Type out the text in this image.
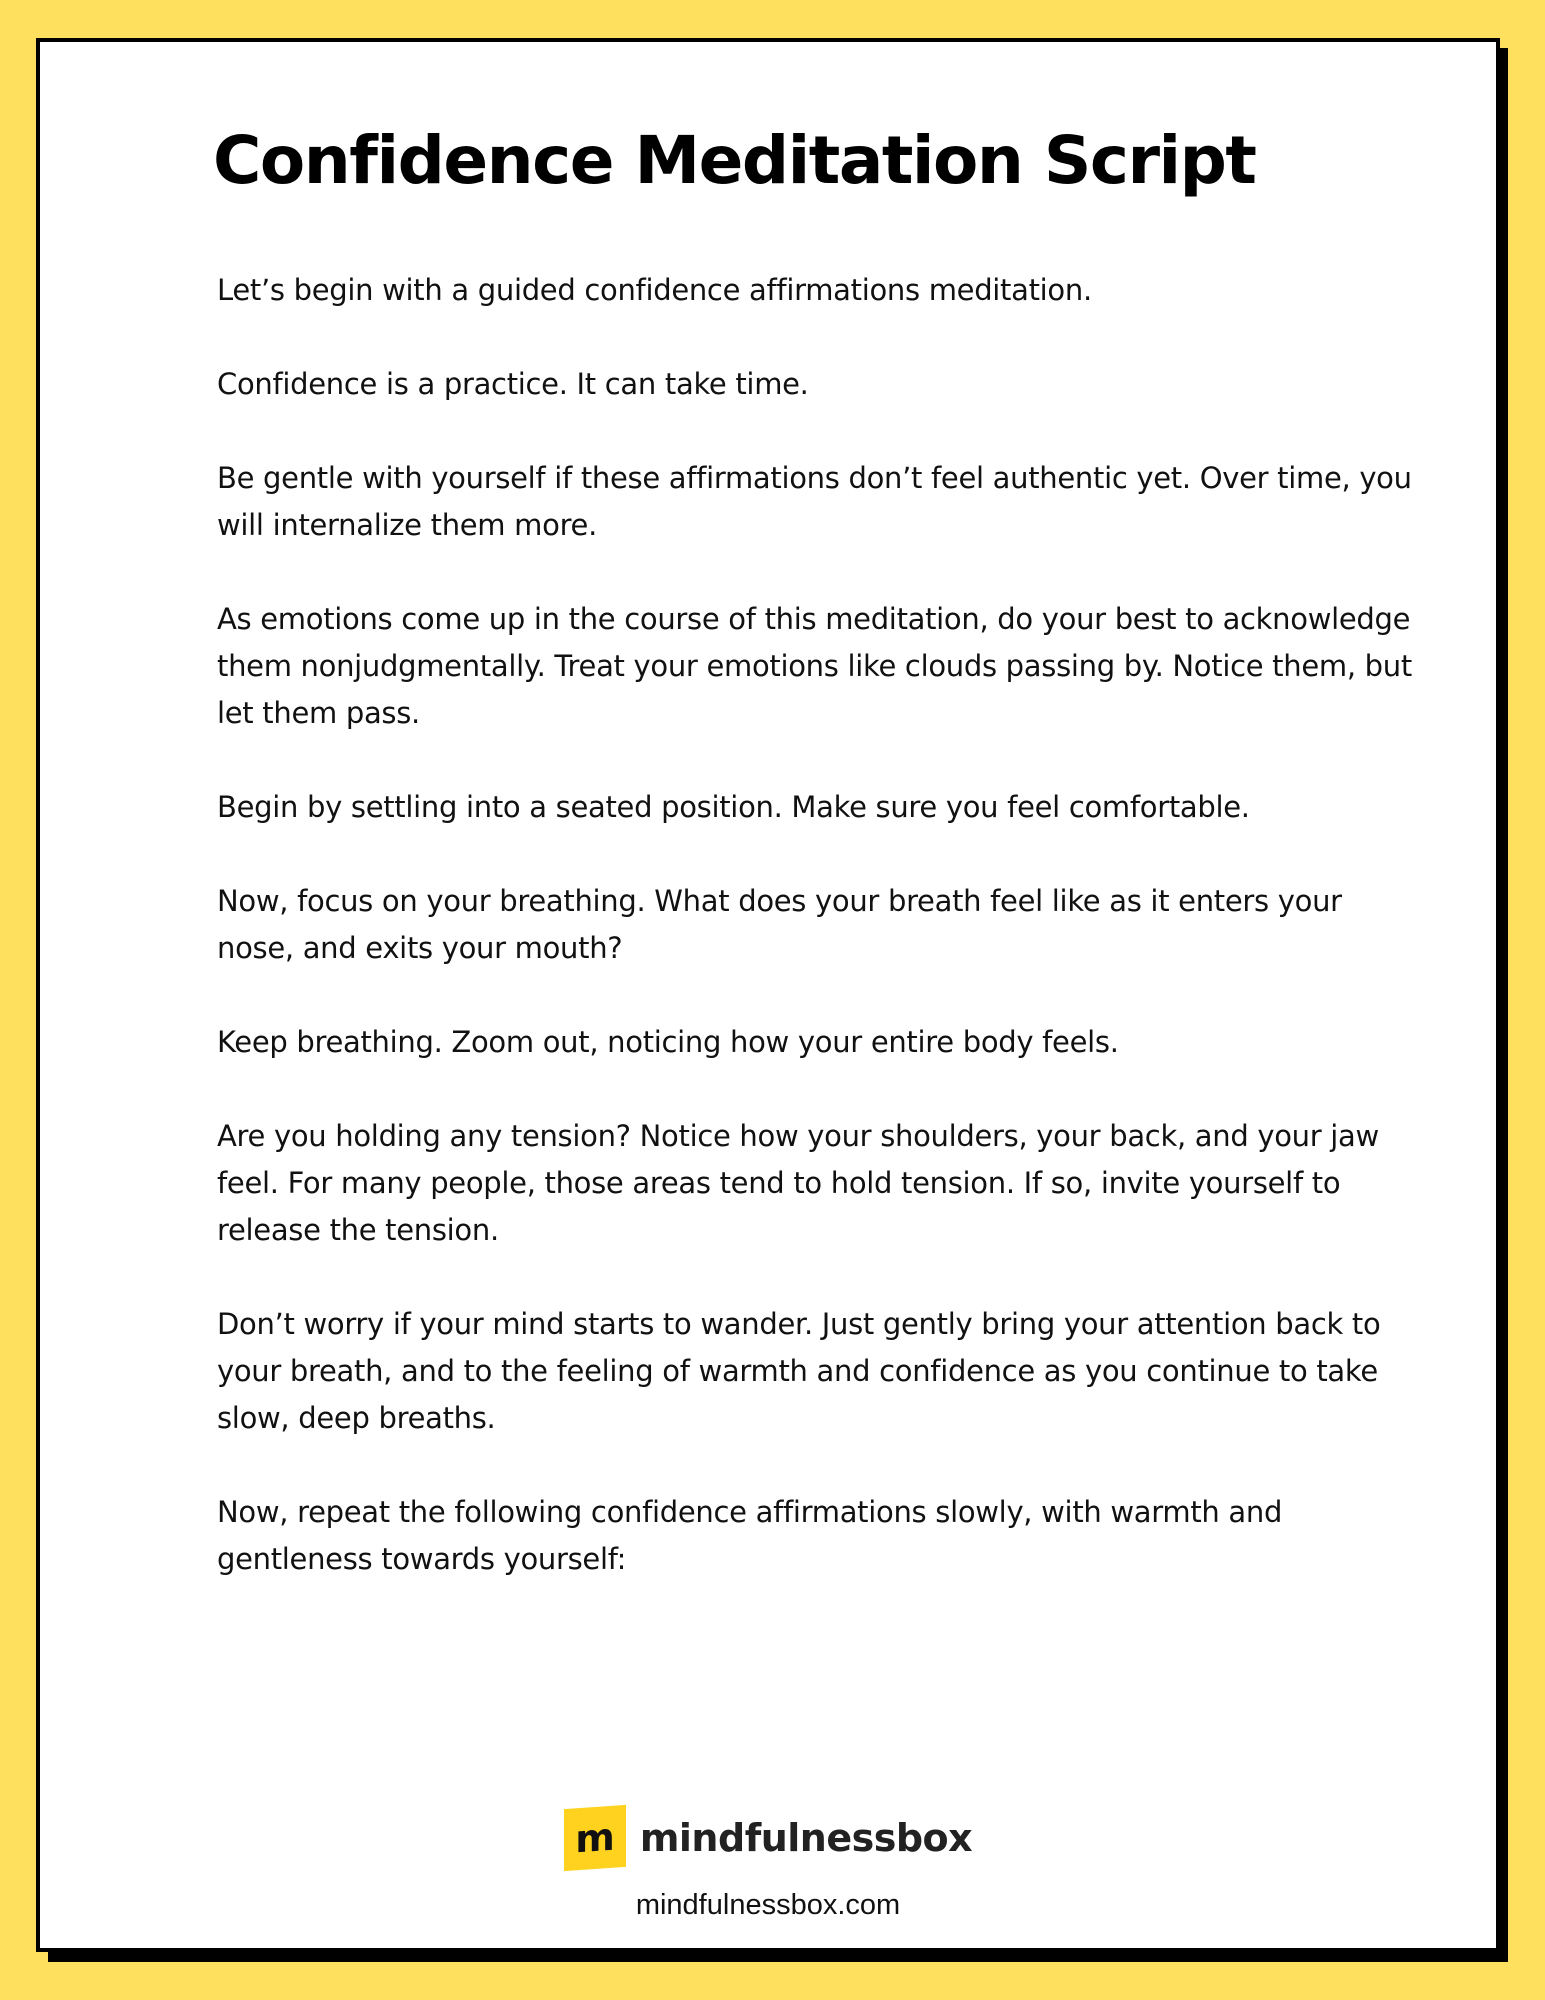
Confidence Meditation Script

Let’s begin with a guided confidence affirmations meditation.

Confidence is a practice. It can take time.

Be gentle with yourself if these affirmations don’t feel authentic yet. Over time, you will internalize them more.

As emotions come up in the course of this meditation, do your best to acknowledge them nonjudgmentally. Treat your emotions like clouds passing by. Notice them, but let them pass.

Begin by settling into a seated position. Make sure you feel comfortable.

Now, focus on your breathing. What does your breath feel like as it enters your nose, and exits your mouth?

Keep breathing. Zoom out, noticing how your entire body feels.

Are you holding any tension? Notice how your shoulders, your back, and your jaw feel. For many people, those areas tend to hold tension. If so, invite yourself to release the tension.

Don’t worry if your mind starts to wander. Just gently bring your attention back to your breath, and to the feeling of warmth and confidence as you continue to take slow, deep breaths.

Now, repeat the following confidence affirmations slowly, with warmth and gentleness towards yourself:

m mindfulnessbox
mindfulnessbox.com
